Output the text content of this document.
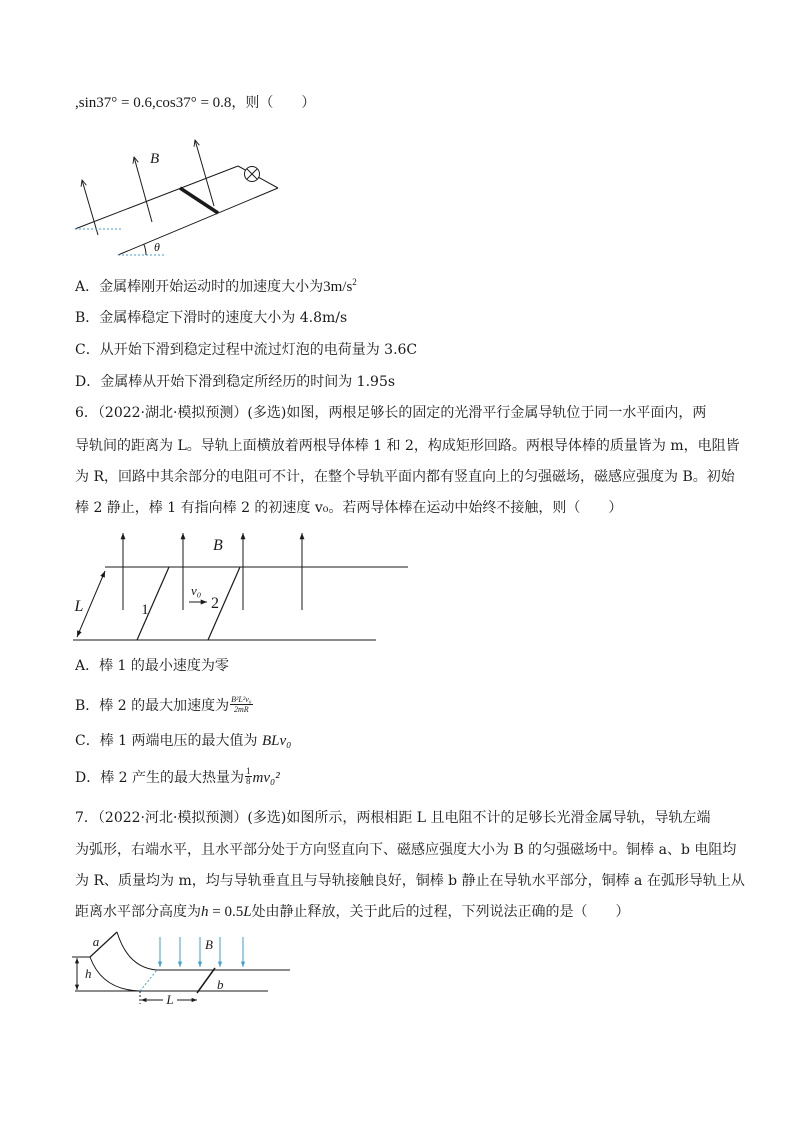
,sin37° = 0.6,cos37° = 0.8，则（　　）
B
θ
A．金属棒刚开始运动时的加速度大小为$3m/s^2$
B．金属棒稳定下滑时的速度大小为 4.8m/s
C．从开始下滑到稳定过程中流过灯泡的电荷量为 3.6C
D．金属棒从开始下滑到稳定所经历的时间为 1.95s
6．（2022·湖北·模拟预测）(多选)如图，两根足够长的固定的光滑平行金属导轨位于同一水平面内，两
导轨间的距离为 L。导轨上面横放着两根导体棒 1 和 2，构成矩形回路。两根导体棒的质量皆为 m，电阻皆
为 R，回路中其余部分的电阻可不计，在整个导轨平面内都有竖直向上的匀强磁场，磁感应强度为 B。初始
棒 2 静止，棒 1 有指向棒 2 的初速度 v₀。若两导体棒在运动中始终不接触，则（　　）
B
L	1	2
v₀
A．棒 1 的最小速度为零
B．棒 2 的最大加速度为 $\frac{\text{B²L²v₀}}{2mR}$
C．棒 1 两端电压的最大值为 BLv₀
D．棒 2 产生的最大热量为 $\frac{1}{8} mv_0^2$
7．（2022·河北·模拟预测）(多选)如图所示，两根相距 L 且电阻不计的足够长光滑金属导轨，导轨左端
为弧形，右端水平，且水平部分处于方向竖直向下、磁感应强度大小为 B 的匀强磁场中。铜棒 a、b 电阻均
为 R、质量均为 m，均与导轨垂直且与导轨接触良好，铜棒 b 静止在导轨水平部分，铜棒 a 在弧形导轨上从
距离水平部分高度为h = 0.5L处由静止释放，关于此后的过程，下列说法正确的是（　　）
h
a	B
b
L
